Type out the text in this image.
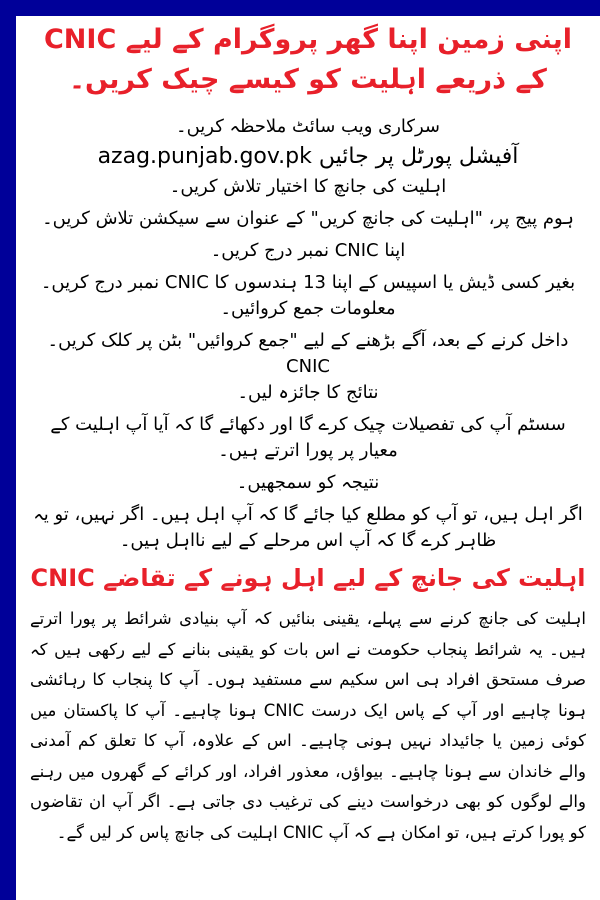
اپنی زمین اپنا گھر پروگرام کے لیے CNIC کے ذریعے اہلیت کو کیسے چیک کریں۔

سرکاری ویب سائٹ ملاحظہ کریں۔

آفیشل پورٹل پر جائیں azag.punjab.gov.pk

اہلیت کی جانچ کا اختیار تلاش کریں۔

ہوم پیج پر، "اہلیت کی جانچ کریں" کے عنوان سے سیکشن تلاش کریں۔

اپنا CNIC نمبر درج کریں۔

بغیر کسی ڈیش یا اسپیس کے اپنا 13 ہندسوں کا CNIC نمبر درج کریں۔

معلومات جمع کروائیں۔

داخل کرنے کے بعد، آگے بڑھنے کے لیے "جمع کروائیں" بٹن پر کلک کریں۔ CNIC

نتائج کا جائزہ لیں۔

سسٹم آپ کی تفصیلات چیک کرے گا اور دکھائے گا کہ آیا آپ اہلیت کے معیار پر پورا اترتے ہیں۔

نتیجہ کو سمجھیں۔

اگر اہل ہیں، تو آپ کو مطلع کیا جائے گا کہ آپ اہل ہیں۔ اگر نہیں، تو یہ ظاہر کرے گا کہ آپ اس مرحلے کے لیے نااہل ہیں۔

اہلیت کی جانچ کے لیے اہل ہونے کے تقاضے CNIC

اہلیت کی جانچ کرنے سے پہلے، یقینی بنائیں کہ آپ بنیادی شرائط پر پورا اترتے ہیں۔ یہ شرائط پنجاب حکومت نے اس بات کو یقینی بنانے کے لیے رکھی ہیں کہ صرف مستحق افراد ہی اس سکیم سے مستفید ہوں۔ آپ کا پنجاب کا رہائشی ہونا چاہیے اور آپ کے پاس ایک درست CNIC ہونا چاہیے۔ آپ کا پاکستان میں کوئی زمین یا جائیداد نہیں ہونی چاہیے۔ اس کے علاوہ، آپ کا تعلق کم آمدنی والے خاندان سے ہونا چاہیے۔ بیواؤں، معذور افراد، اور کرائے کے گھروں میں رہنے والے لوگوں کو بھی درخواست دینے کی ترغیب دی جاتی ہے۔ اگر آپ ان تقاضوں کو پورا کرتے ہیں، تو امکان ہے کہ آپ CNIC اہلیت کی جانچ پاس کر لیں گے۔
